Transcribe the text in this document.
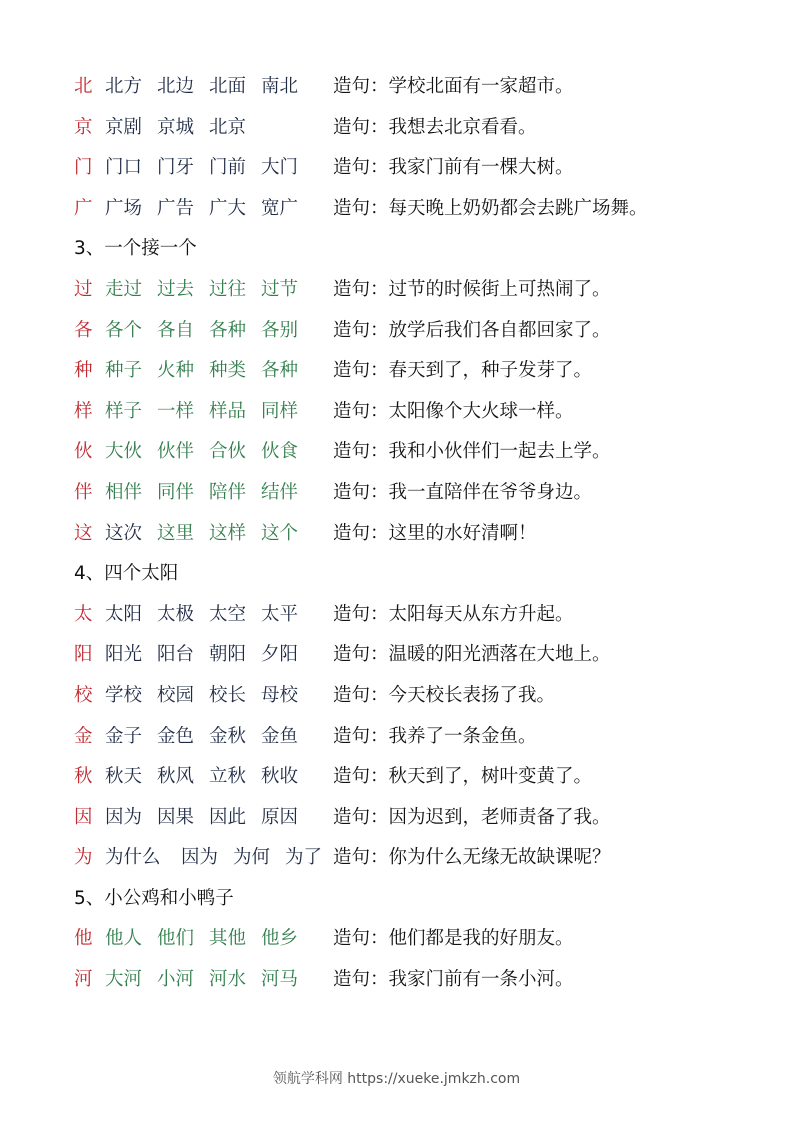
北 北方 北边 北面 南北 造句：学校北面有一家超市。
京 京剧 京城 北京	造句：我想去北京看看。
门 门口 门牙 门前 大门 造句：我家门前有一棵大树。
广 广场 广告 广大 宽广 造句：每天晚上奶奶都会去跳广场舞。
3、一个接一个
过 走过 过去 过往 过节 造句：过节的时候街上可热闹了。
各 各个 各自 各种 各别 造句：放学后我们各自都回家了。
种 种子 火种 种类 各种 造句：春天到了，种子发芽了。
样 样子 一样 样品 同样 造句：太阳像个大火球一样。
伙 大伙 伙伴 合伙 伙食 造句：我和小伙伴们一起去上学。
伴 相伴 同伴 陪伴 结伴 造句：我一直陪伴在爷爷身边。
这 这次 这里 这样 这个 造句：这里的水好清啊！
4、四个太阳
太 太阳 太极 太空 太平 造句：太阳每天从东方升起。
阳 阳光 阳台 朝阳 夕阳 造句：温暖的阳光洒落在大地上。
校 学校 校园 校长 母校 造句：今天校长表扬了我。
金 金子 金色 金秋 金鱼 造句：我养了一条金鱼。
秋 秋天 秋风 立秋 秋收 造句：秋天到了，树叶变黄了。
因 因为 因果 因此 原因 造句：因为迟到，老师责备了我。
为 为什么 因为 为何 为了 造句：你为什么无缘无故缺课呢？
5、小公鸡和小鸭子
他 他人 他们 其他 他乡 造句：他们都是我的好朋友。
河 大河 小河 河水 河马 造句：我家门前有一条小河。
领航学科网 https://xueke.jmkzh.com
